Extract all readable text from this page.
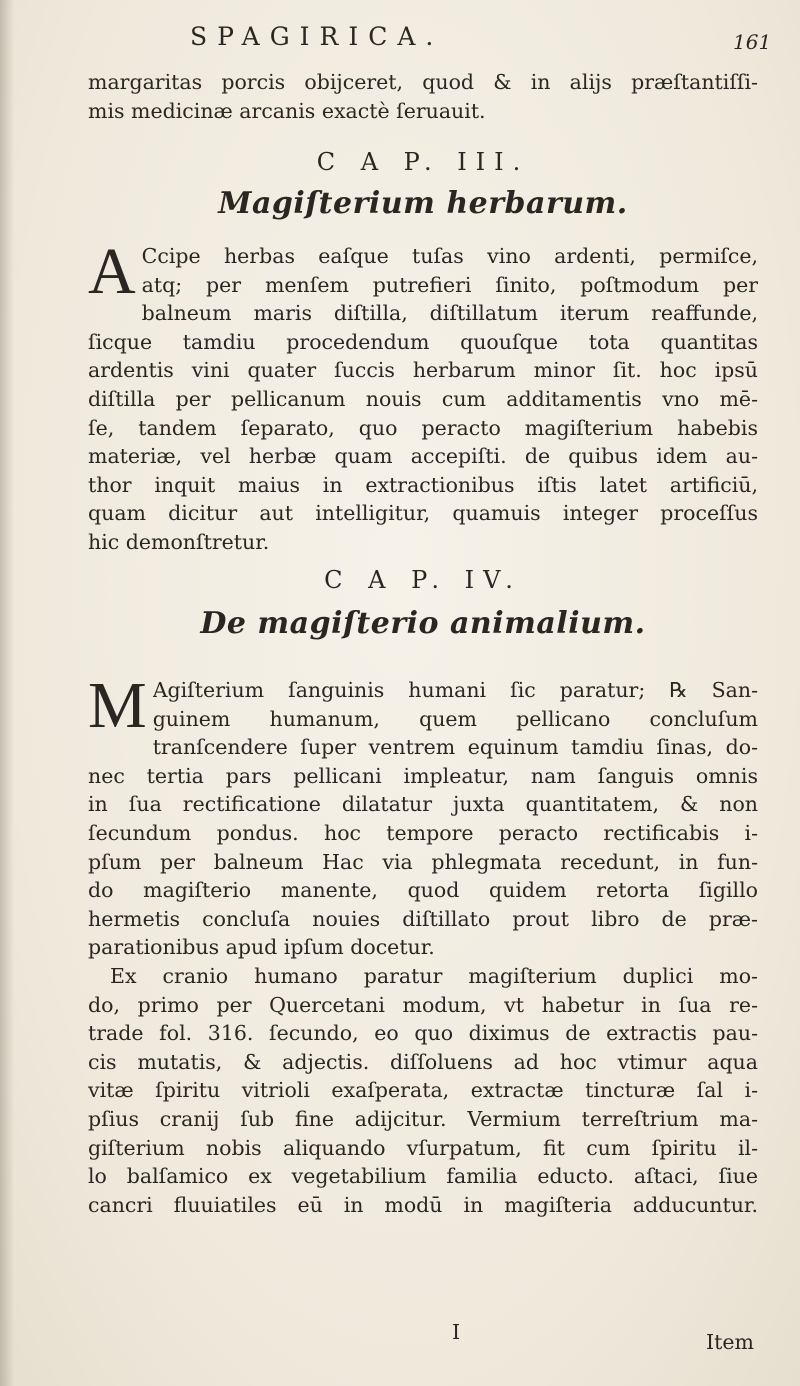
SPAGIRICA.	161
margaritas porcis obijceret, quod & in alijs præſtantiſſi-
mis medicinæ arcanis exactè ſeruauit.
C A P. III.
Magiſterium herbarum.
A Ccipe herbas eaſque tuſas vino ardenti, permiſce,
atq; per menſem putrefieri ſinito, poſtmodum per
balneum maris diſtilla, diſtillatum iterum reaffunde,
ſicque tamdiu procedendum quouſque tota quantitas
ardentis vini quater ſuccis herbarum minor ſit. hoc ipsū
diſtilla per pellicanum nouis cum additamentis vno mē-
ſe, tandem ſeparato, quo peracto magiſterium habebis
materiæ, vel herbæ quam accepiſti. de quibus idem au-
thor inquit maius in extractionibus iſtis latet artificiū,
quam dicitur aut intelligitur, quamuis integer proceſſus
hic demonſtretur.
C A P. IV.
De magiſterio animalium.
M Agiſterium ſanguinis humani ſic paratur; ℞ San-
guinem humanum, quem pellicano concluſum
tranſcendere ſuper ventrem equinum tamdiu ſinas, do-
nec tertia pars pellicani impleatur, nam ſanguis omnis
in ſua rectificatione dilatatur juxta quantitatem, & non
ſecundum pondus. hoc tempore peracto rectificabis i-
pſum per balneum Hac via phlegmata recedunt, in fun-
do magiſterio manente, quod quidem retorta ſigillo
hermetis concluſa nouies diſtillato prout libro de præ-
parationibus apud ipſum docetur.
Ex cranio humano paratur magiſterium duplici mo-
do, primo per Quercetani modum, vt habetur in ſua re-
trade fol. 316. ſecundo, eo quo diximus de extractis pau-
cis mutatis, & adjectis. diſſoluens ad hoc vtimur aqua
vitæ ſpiritu vitrioli exaſperata, extractæ tincturæ ſal i-
pſius cranij ſub fine adijcitur. Vermium terreſtrium ma-
giſterium nobis aliquando vſurpatum, fit cum ſpiritu il-
lo balſamico ex vegetabilium familia educto. aſtaci, ſiue
cancri fluuiatiles eū in modū in magiſteria adducuntur.
I	Item
